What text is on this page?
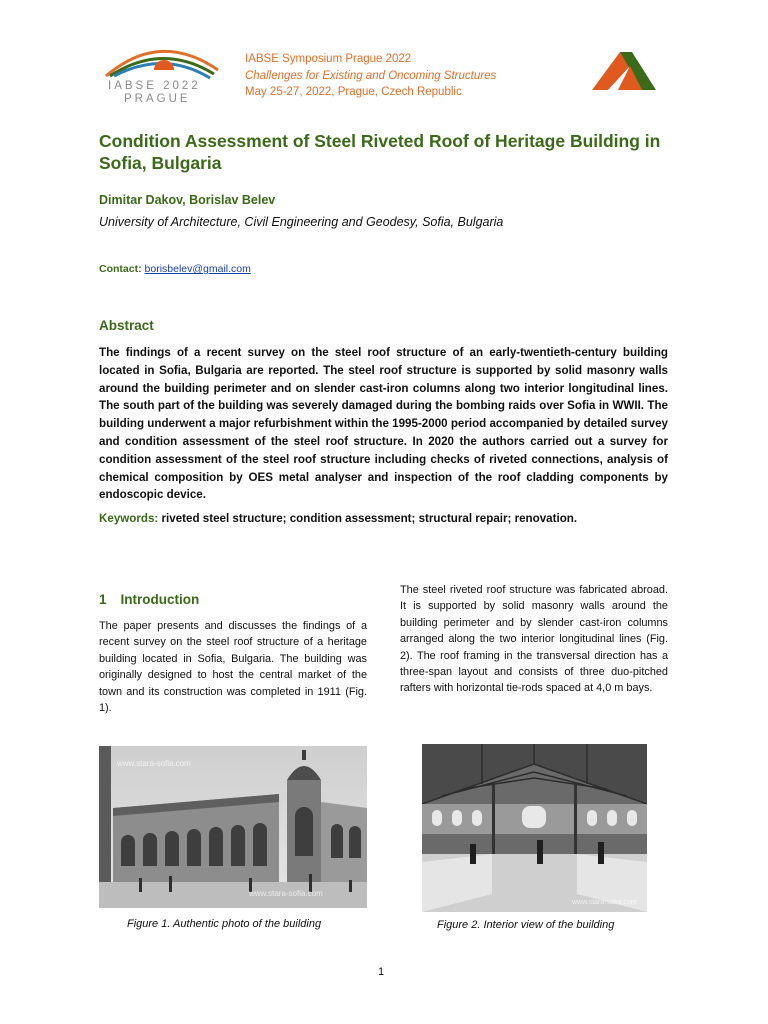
IABSE 2022
PRAGUE
IABSE Symposium Prague 2022
Challenges for Existing and Oncoming Structures
May 25-27, 2022, Prague, Czech Republic
Condition Assessment of Steel Riveted Roof of Heritage Building in Sofia, Bulgaria
Dimitar Dakov, Borislav Belev
University of Architecture, Civil Engineering and Geodesy, Sofia, Bulgaria
Contact: borisbelev@gmail.com
Abstract
The findings of a recent survey on the steel roof structure of an early-twentieth-century building located in Sofia, Bulgaria are reported. The steel roof structure is supported by solid masonry walls around the building perimeter and on slender cast-iron columns along two interior longitudinal lines. The south part of the building was severely damaged during the bombing raids over Sofia in WWII. The building underwent a major refurbishment within the 1995-2000 period accompanied by detailed survey and condition assessment of the steel roof structure. In 2020 the authors carried out a survey for condition assessment of the steel roof structure including checks of riveted connections, analysis of chemical composition by OES metal analyser and inspection of the roof cladding components by endoscopic device.
Keywords: riveted steel structure; condition assessment; structural repair; renovation.
1 Introduction
The paper presents and discusses the findings of a recent survey on the steel roof structure of a heritage building located in Sofia, Bulgaria. The building was originally designed to host the central market of the town and its construction was completed in 1911 (Fig. 1).
The steel riveted roof structure was fabricated abroad. It is supported by solid masonry walls around the building perimeter and by slender cast-iron columns arranged along the two interior longitudinal lines (Fig. 2). The roof framing in the transversal direction has a three-span layout and consists of three duo-pitched rafters with horizontal tie-rods spaced at 4,0 m bays.
www.stara-sofia.com
www.stara-sofia.com
www.stara-sofia.com
Figure 1. Authentic photo of the building	Figure 2. Interior view of the building
1
